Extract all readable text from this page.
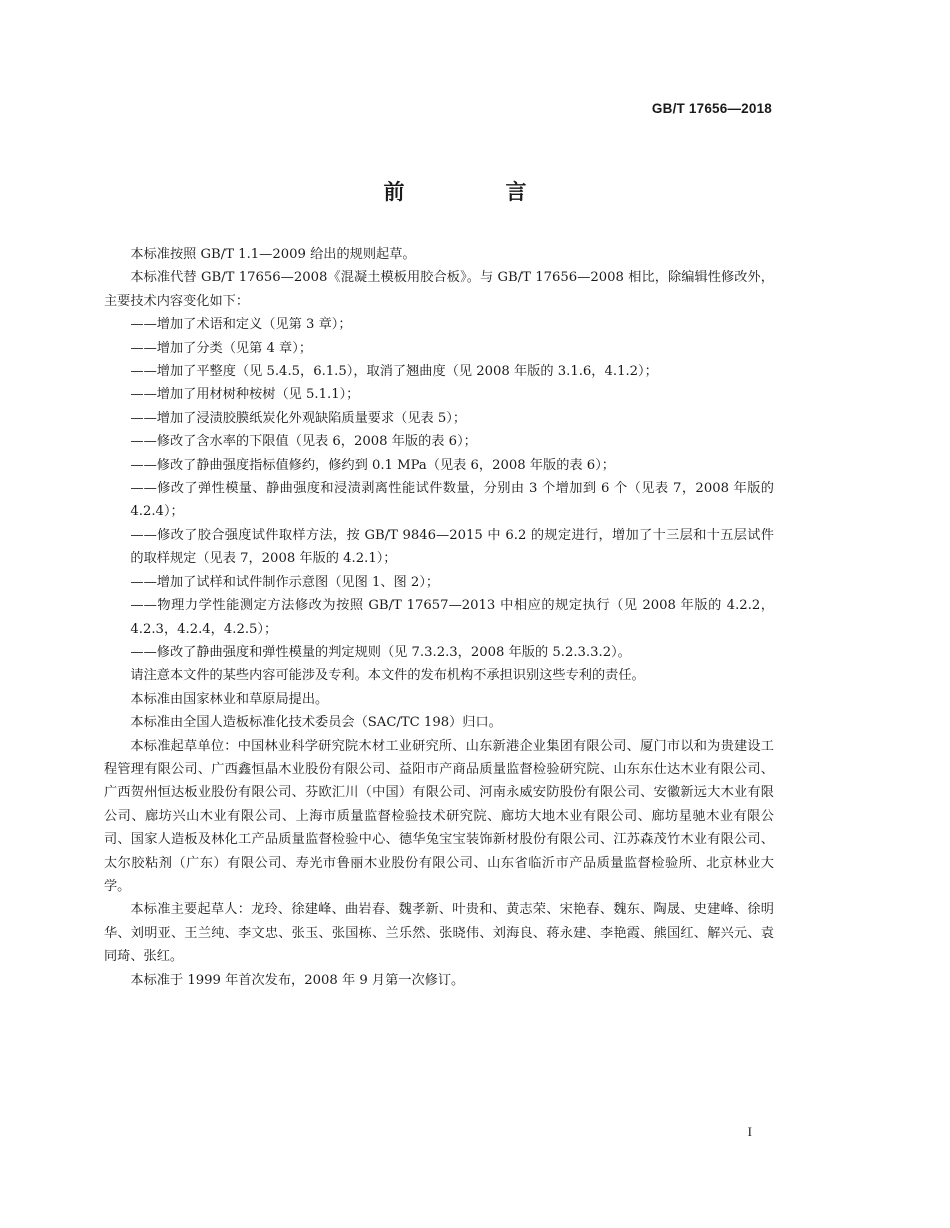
GB/T 17656—2018
前　言

本标准按照 GB/T 1.1—2009 给出的规则起草。

本标准代替 GB/T 17656—2008《混凝土模板用胶合板》。与 GB/T 17656—2008 相比，除编辑性修改外，主要技术内容变化如下：

——增加了术语和定义（见第 3 章）；

——增加了分类（见第 4 章）；

——增加了平整度（见 5.4.5，6.1.5），取消了翘曲度（见 2008 年版的 3.1.6，4.1.2）；

——增加了用材树种桉树（见 5.1.1）；

——增加了浸渍胶膜纸炭化外观缺陷质量要求（见表 5）；

——修改了含水率的下限值（见表 6，2008 年版的表 6）；

——修改了静曲强度指标值修约，修约到 0.1 MPa（见表 6，2008 年版的表 6）；

——修改了弹性模量、静曲强度和浸渍剥离性能试件数量，分别由 3 个增加到 6 个（见表 7，2008 年版的 4.2.4）；

——修改了胶合强度试件取样方法，按 GB/T 9846—2015 中 6.2 的规定进行，增加了十三层和十五层试件的取样规定（见表 7，2008 年版的 4.2.1）；

——增加了试样和试件制作示意图（见图 1、图 2）；

——物理力学性能测定方法修改为按照 GB/T 17657—2013 中相应的规定执行（见 2008 年版的 4.2.2，4.2.3，4.2.4，4.2.5）；

——修改了静曲强度和弹性模量的判定规则（见 7.3.2.3，2008 年版的 5.2.3.3.2）。

请注意本文件的某些内容可能涉及专利。本文件的发布机构不承担识别这些专利的责任。

本标准由国家林业和草原局提出。

本标准由全国人造板标准化技术委员会（SAC/TC 198）归口。

本标准起草单位：中国林业科学研究院木材工业研究所、山东新港企业集团有限公司、厦门市以和为贵建设工程管理有限公司、广西鑫恒晶木业股份有限公司、益阳市产商品质量监督检验研究院、山东东仕达木业有限公司、广西贺州恒达板业股份有限公司、芬欧汇川（中国）有限公司、河南永威安防股份有限公司、安徽新远大木业有限公司、廊坊兴山木业有限公司、上海市质量监督检验技术研究院、廊坊大地木业有限公司、廊坊星驰木业有限公司、国家人造板及林化工产品质量监督检验中心、德华兔宝宝装饰新材股份有限公司、江苏森茂竹木业有限公司、太尔胶粘剂（广东）有限公司、寿光市鲁丽木业股份有限公司、山东省临沂市产品质量监督检验所、北京林业大学。

本标准主要起草人：龙玲、徐建峰、曲岩春、魏孝新、叶贵和、黄志荣、宋艳春、魏东、陶晟、史建峰、徐明华、刘明亚、王兰纯、李文忠、张玉、张国栋、兰乐然、张晓伟、刘海良、蒋永建、李艳霞、熊国红、解兴元、袁同琦、张红。

本标准于 1999 年首次发布，2008 年 9 月第一次修订。

I
